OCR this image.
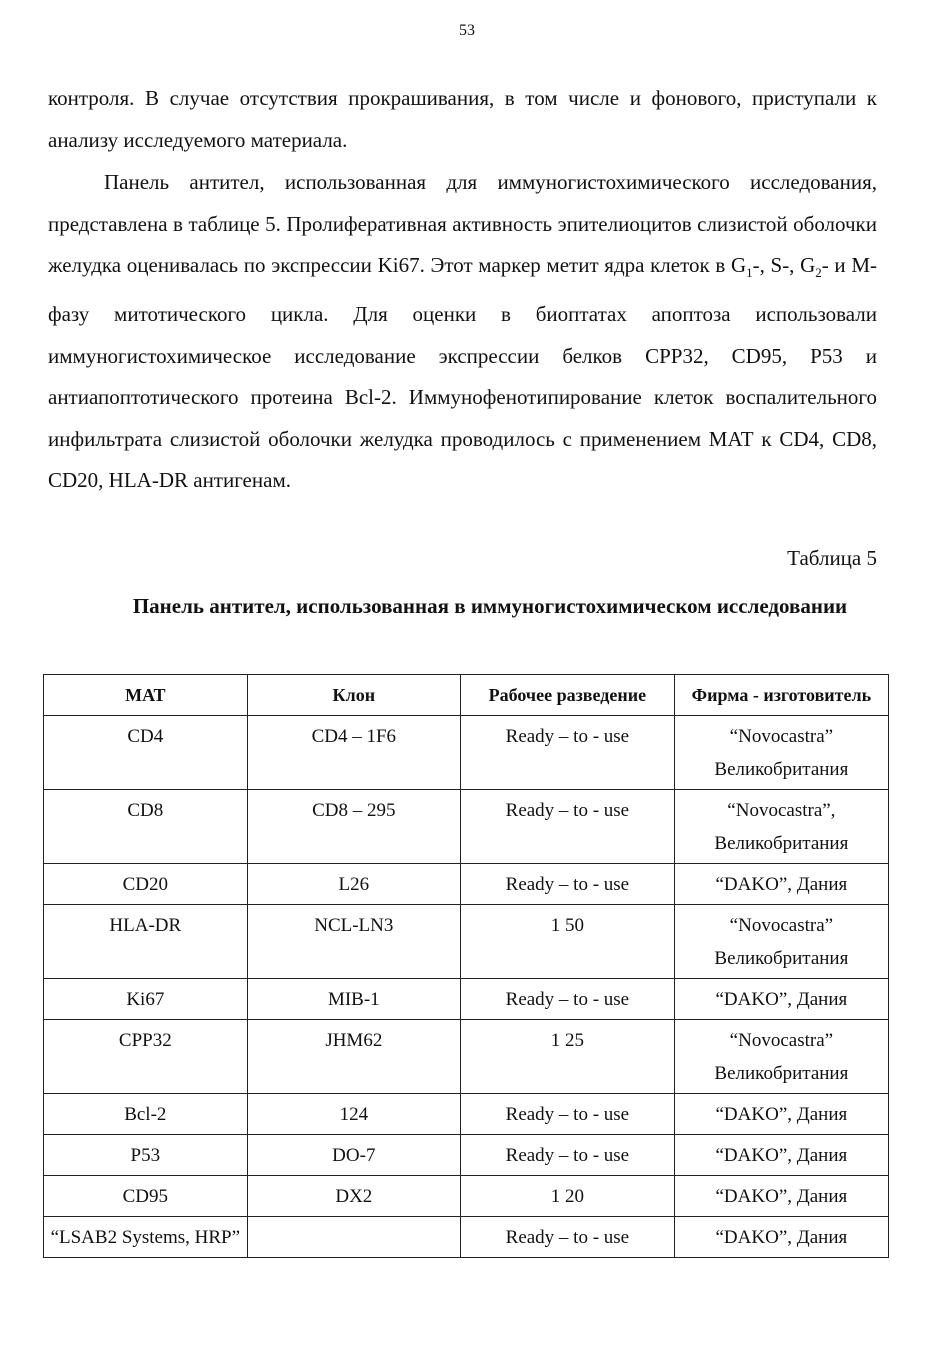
53

контроля. В случае отсутствия прокрашивания, в том числе и фонового, приступали к анализу исследуемого материала.

Панель антител, использованная для иммуногистохимического исследования, представлена в таблице 5. Пролиферативная активность эпителиоцитов слизистой оболочки желудка оценивалась по экспрессии Ki67. Этот маркер метит ядра клеток в $G_1-$, S-, $G_2-$ и М-фазу митотического цикла. Для оценки в биоптатах апоптоза использовали иммуногистохимическое исследование экспрессии белков CPP32, CD95, P53 и антиапоптотического протеина Bcl-2. Иммунофенотипирование клеток воспалительного инфильтрата слизистой оболочки желудка проводилось с применением МАТ к CD4, CD8, CD20, HLA-DR антигенам.

Таблица 5
Панель антител, использованная в иммуногистохимическом исследовании
МАТ	Клон	Рабочее разведение	Фирма - изготовитель
CD4	CD4 – 1F6	Ready – to - use	“Novocastra” Великобритания
CD8	CD8 – 295	Ready – to - use	“Novocastra”, Великобритания
CD20	L26	Ready – to - use	“DAKO”, Дания
HLA-DR	NCL-LN3	1 50	“Novocastra” Великобритания
Ki67	MIB-1	Ready – to - use	“DAKO”, Дания
CPP32	JHM62	1 25	“Novocastra” Великобритания
Bcl-2	124	Ready – to - use	“DAKO”, Дания
P53	DO-7	Ready – to - use	“DAKO”, Дания
CD95	DX2	1 20	“DAKO”, Дания
“LSAB2 Systems, HRP”		Ready – to - use	“DAKO”, Дания
